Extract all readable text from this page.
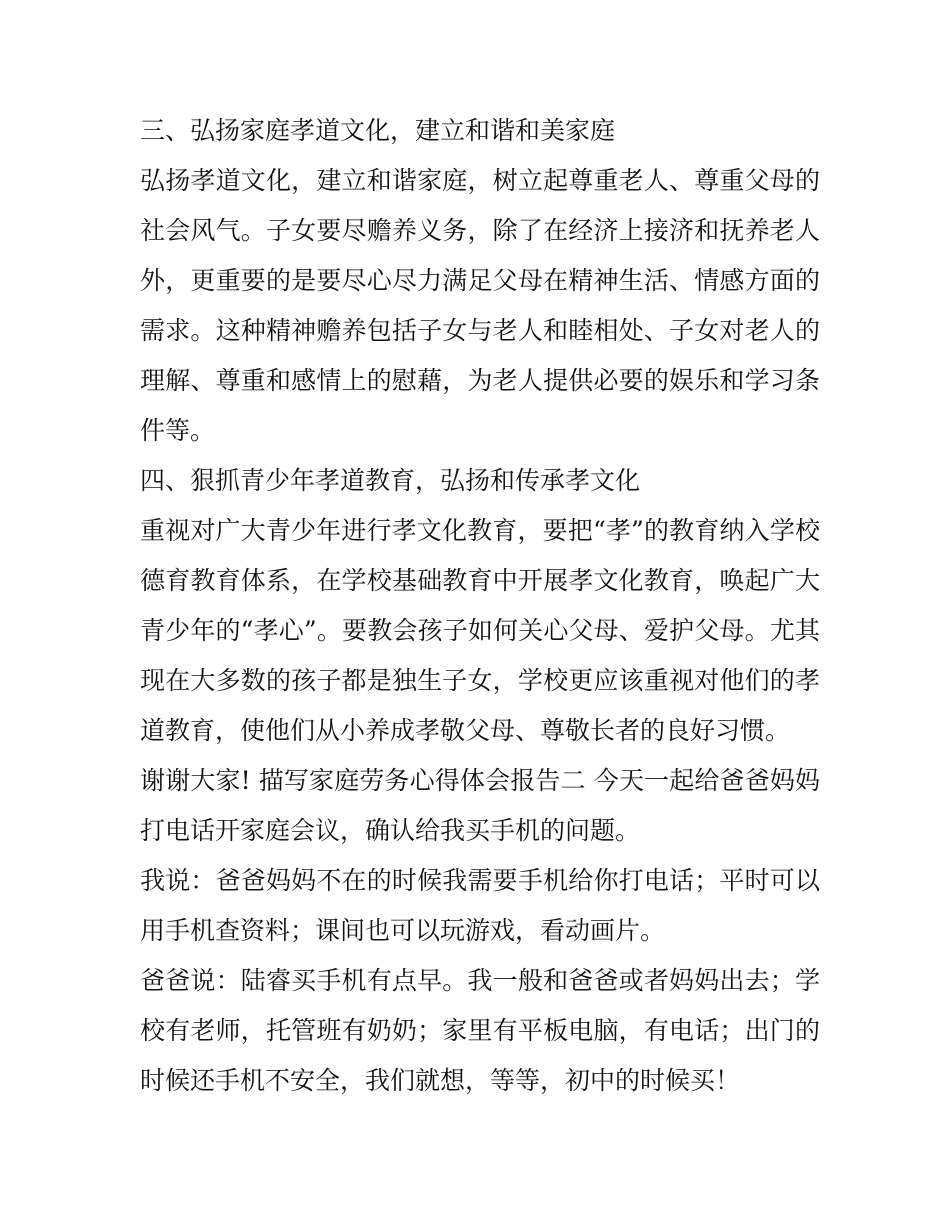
三、弘扬家庭孝道文化，建立和谐和美家庭
弘扬孝道文化，建立和谐家庭，树立起尊重老人、尊重父母的
社会风气。子女要尽赡养义务，除了在经济上接济和抚养老人
外，更重要的是要尽心尽力满足父母在精神生活、情感方面的
需求。这种精神赡养包括子女与老人和睦相处、子女对老人的
理解、尊重和感情上的慰藉，为老人提供必要的娱乐和学习条
件等。
四、狠抓青少年孝道教育，弘扬和传承孝文化
重视对广大青少年进行孝文化教育，要把“孝”的教育纳入学校
德育教育体系，在学校基础教育中开展孝文化教育，唤起广大
青少年的“孝心”。要教会孩子如何关心父母、爱护父母。尤其
现在大多数的孩子都是独生子女，学校更应该重视对他们的孝
道教育，使他们从小养成孝敬父母、尊敬长者的良好习惯。
谢谢大家! 描写家庭劳务心得体会报告二 今天一起给爸爸妈妈
打电话开家庭会议，确认给我买手机的问题。
我说：爸爸妈妈不在的时候我需要手机给你打电话；平时可以
用手机查资料；课间也可以玩游戏，看动画片。
爸爸说：陆睿买手机有点早。我一般和爸爸或者妈妈出去；学
校有老师，托管班有奶奶；家里有平板电脑，有电话；出门的
时候还手机不安全，我们就想，等等，初中的时候买！
